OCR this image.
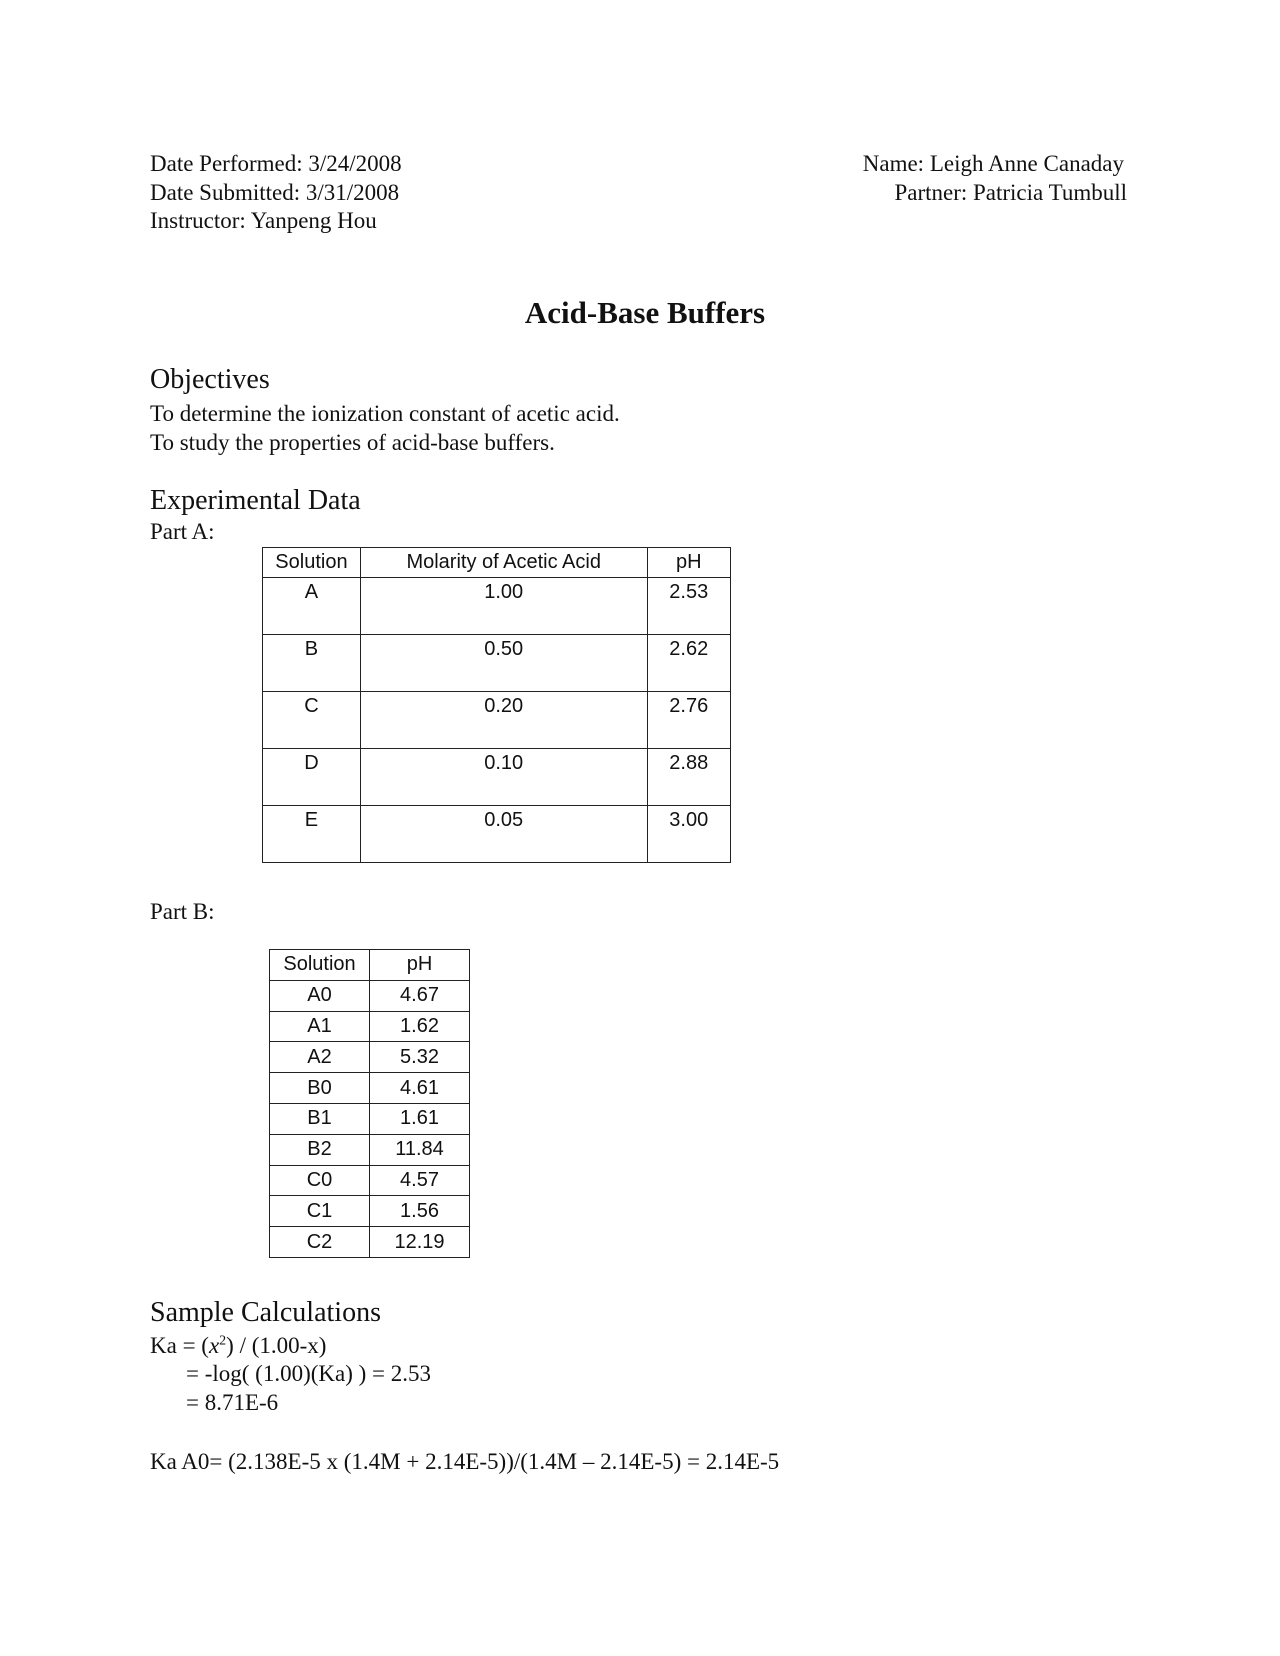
Date Performed: 3/24/2008
Date Submitted: 3/31/2008
Instructor: Yanpeng Hou
Name: Leigh Anne Canaday
Partner: Patricia Tumbull
Acid-Base Buffers
Objectives
To determine the ionization constant of acetic acid.
To study the properties of acid-base buffers.
Experimental Data
Part A:
Solution	Molarity of Acetic Acid	pH
A	1.00	2.53
B	0.50	2.62
C	0.20	2.76
D	0.10	2.88
E	0.05	3.00
Part B:
Solution	pH
A0	4.67
A1	1.62
A2	5.32
B0	4.61
B1	1.61
B2	11.84
C0	4.57
C1	1.56
C2	12.19
Sample Calculations
$Ka = (x^2) / (1.00-x)$
= -log( (1.00)(Ka) ) = 2.53
= 8.71E-6
Ka A0= (2.138E-5 x (1.4M + 2.14E-5))/(1.4M – 2.14E-5) = 2.14E-5
